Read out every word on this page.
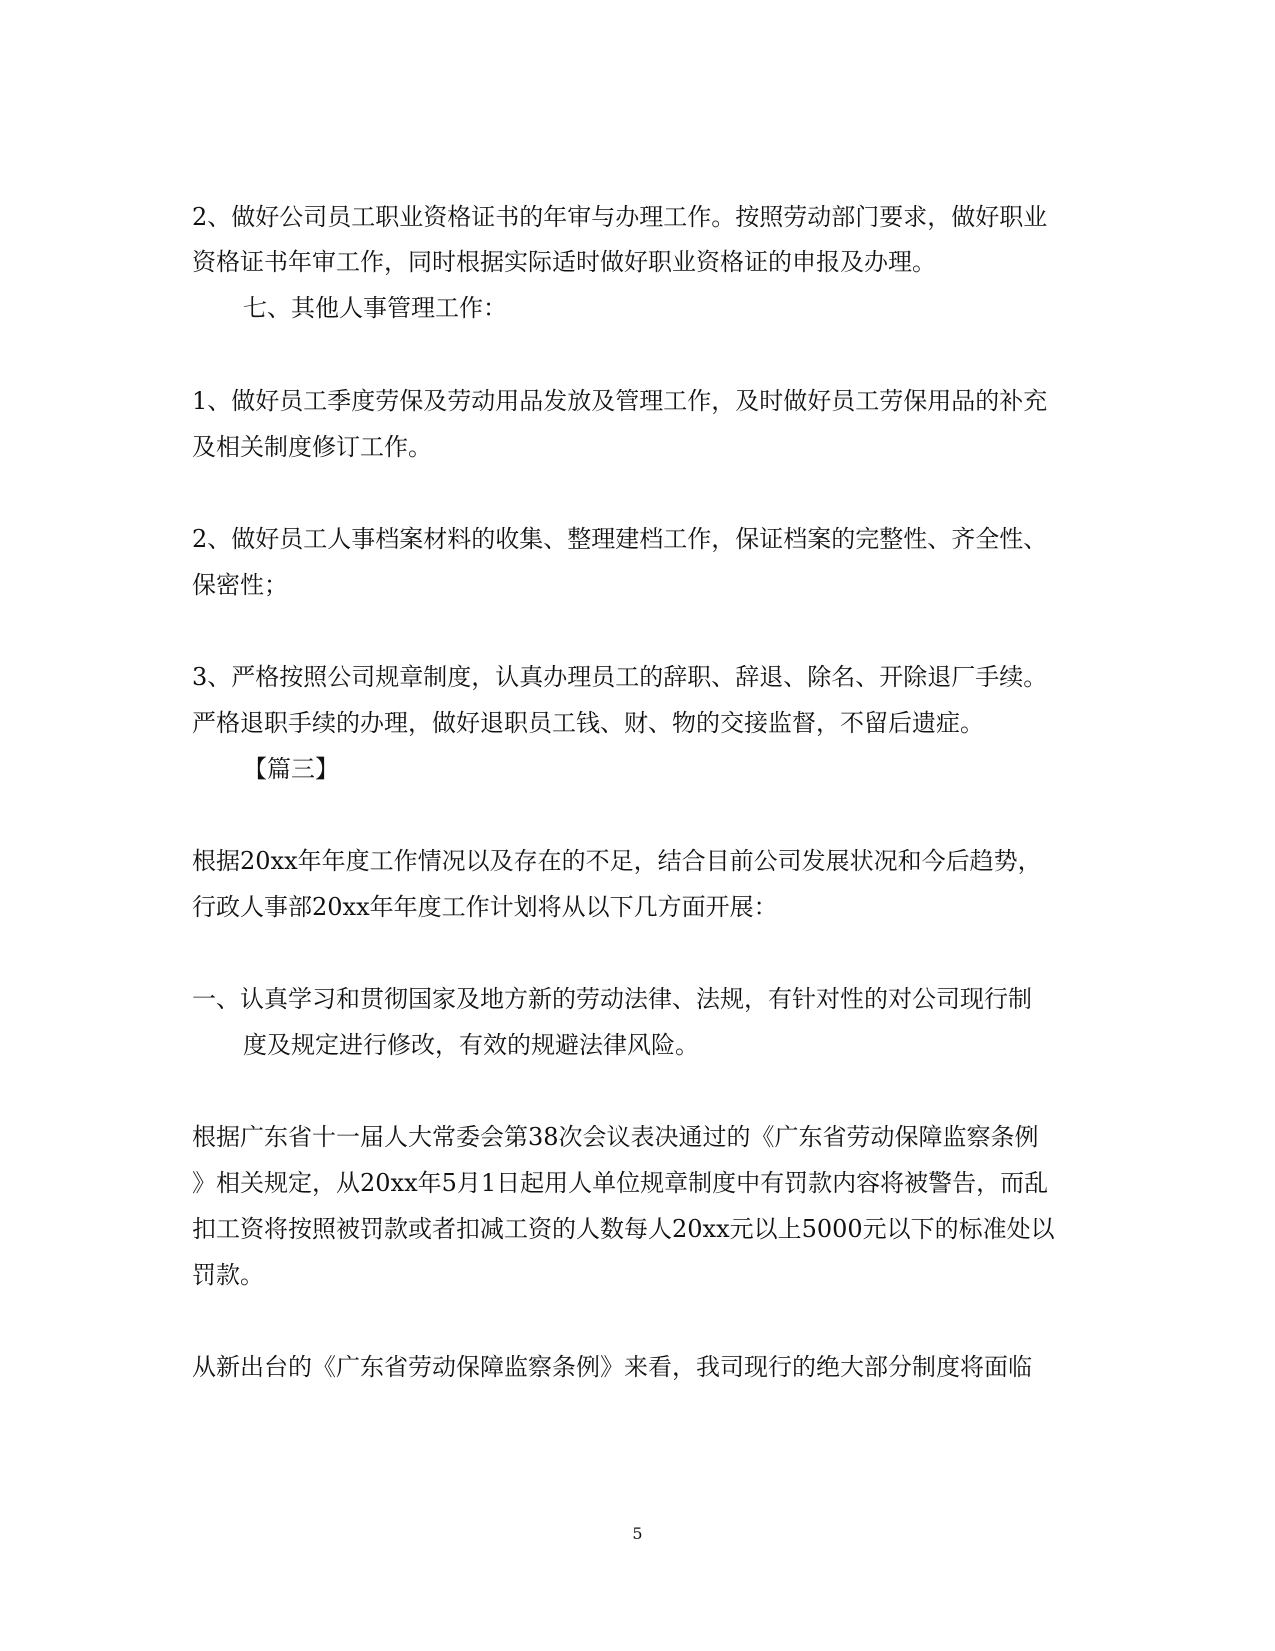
2、做好公司员工职业资格证书的年审与办理工作。按照劳动部门要求，做好职业
资格证书年审工作，同时根据实际适时做好职业资格证的申报及办理。
七、其他人事管理工作：
1、做好员工季度劳保及劳动用品发放及管理工作，及时做好员工劳保用品的补充
及相关制度修订工作。
2、做好员工人事档案材料的收集、整理建档工作，保证档案的完整性、齐全性、
保密性；
3、严格按照公司规章制度，认真办理员工的辞职、辞退、除名、开除退厂手续。
严格退职手续的办理，做好退职员工钱、财、物的交接监督，不留后遗症。
【篇三】
根据20xx年年度工作情况以及存在的不足，结合目前公司发展状况和今后趋势，
行政人事部20xx年年度工作计划将从以下几方面开展：
一、认真学习和贯彻国家及地方新的劳动法律、法规，有针对性的对公司现行制
度及规定进行修改，有效的规避法律风险。
根据广东省十一届人大常委会第38次会议表决通过的《广东省劳动保障监察条例
》相关规定，从20xx年5月1日起用人单位规章制度中有罚款内容将被警告，而乱
扣工资将按照被罚款或者扣减工资的人数每人20xx元以上5000元以下的标准处以
罚款。
从新出台的《广东省劳动保障监察条例》来看，我司现行的绝大部分制度将面临
5
